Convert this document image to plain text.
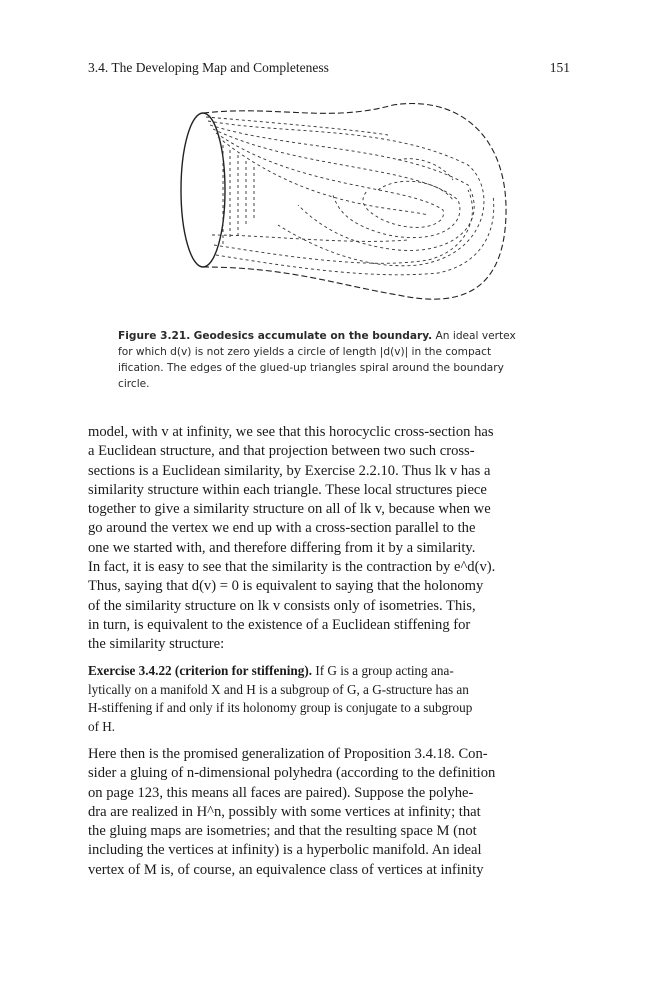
3.4. The Developing Map and Completeness	151
Figure 3.21. Geodesics accumulate on the boundary. An ideal vertex
for which d(v) is not zero yields a circle of length |d(v)| in the compact
ification. The edges of the glued-up triangles spiral around the boundary
circle.
model, with v at infinity, we see that this horocyclic cross-section has
a Euclidean structure, and that projection between two such cross-
sections is a Euclidean similarity, by Exercise 2.2.10. Thus lk v has a
similarity structure within each triangle. These local structures piece
together to give a similarity structure on all of lk v, because when we
go around the vertex we end up with a cross-section parallel to the
one we started with, and therefore differing from it by a similarity.
In fact, it is easy to see that the similarity is the contraction by e^d(v).
Thus, saying that d(v) = 0 is equivalent to saying that the holonomy
of the similarity structure on lk v consists only of isometries. This,
in turn, is equivalent to the existence of a Euclidean stiffening for
the similarity structure:
Exercise 3.4.22 (criterion for stiffening). If G is a group acting ana-
lytically on a manifold X and H is a subgroup of G, a G-structure has an
H-stiffening if and only if its holonomy group is conjugate to a subgroup
of H.
Here then is the promised generalization of Proposition 3.4.18. Con-
sider a gluing of n-dimensional polyhedra (according to the definition
on page 123, this means all faces are paired). Suppose the polyhe-
dra are realized in H^n, possibly with some vertices at infinity; that
the gluing maps are isometries; and that the resulting space M (not
including the vertices at infinity) is a hyperbolic manifold. An ideal
vertex of M is, of course, an equivalence class of vertices at infinity
